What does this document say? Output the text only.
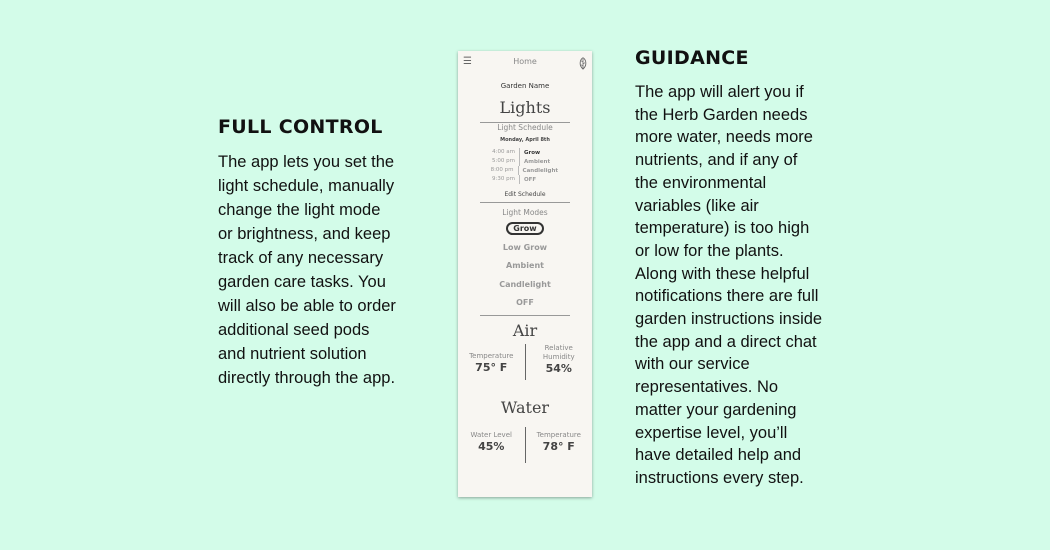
FULL CONTROL
The app lets you set the
light schedule, manually
change the light mode
or brightness, and keep
track of any necessary
garden care tasks. You
will also be able to order
additional seed pods
and nutrient solution
directly through the app.
☰	Home
Garden Name
Lights
Light Schedule
Monday, April 8th
4:00 am	Grow
5:00 pm	Ambient
8:00 pm	Candlelight
9:30 pm	OFF
Edit Schedule
Light Modes
Grow
Low Grow
Ambient
Candlelight
OFF
Air
Temperature
75° F
Relative
Humidity
54%
Water
Water Level
45%
Temperature
78° F
GUIDANCE
The app will alert you if
the Herb Garden needs
more water, needs more
nutrients, and if any of
the environmental
variables (like air
temperature) is too high
or low for the plants.
Along with these helpful
notifications there are full
garden instructions inside
the app and a direct chat
with our service
representatives. No
matter your gardening
expertise level, you’ll
have detailed help and
instructions every step.
